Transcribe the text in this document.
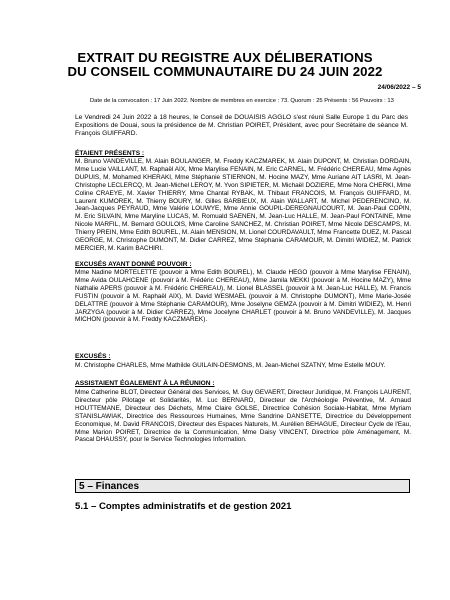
EXTRAIT DU REGISTRE AUX DÉLIBERATIONS
DU CONSEIL COMMUNAUTAIRE DU 24 JUIN 2022
24/06/2022 – 5
Date de la convocation : 17 Juin 2022. Nombre de membres en exercice : 73. Quorum : 25 Présents : 56 Pouvoirs : 13

Le Vendredi 24 Juin 2022 à 18 heures, le Conseil de DOUAISIS AGGLO s'est réuni Salle Europe 1 du Parc des Expositions de Douai, sous la présidence de M. Christian POIRET, Président, avec pour Secrétaire de séance M. François GUIFFARD.

ÉTAIENT PRÉSENTS :
M. Bruno VANDEVILLE, M. Alain BOULANGER, M. Freddy KACZMAREK, M. Alain DUPONT, M. Christian DORDAIN, Mme Lucie VAILLANT, M. Raphaël AIX, Mme Marylise FENAIN, M. Eric CARNEL, M. Frédéric CHEREAU, Mme Agnès DUPUIS, M. Mohamed KHERAKI, Mme Stéphanie STIERNON, M. Hocine MAZY, Mme Auriane AIT LASRI, M. Jean-Christophe LECLERCQ, M. Jean-Michel LEROY, M. Yvon SIPIETER, M. Michaël DOZIERE, Mme Nora CHERKI, Mme Coline CRAEYE, M. Xavier THIERRY, Mme Chantal RYBAK, M. Thibaut FRANCOIS, M. François GUIFFARD, M. Laurent KUMOREK, M. Thierry BOURY, M. Gilles BARBIEUX, M. Alain WALLART, M. Michel PEDERENCINO, M. Jean-Jacques PEYRAUD, Mme Valérie LOUWYE, Mme Annie GOUPIL-DEREGNAUCOURT, M. Jean-Paul COPIN, M. Eric SILVAIN, Mme Maryline LUCAS, M. Romuald SAENEN, M. Jean-Luc HALLE, M. Jean-Paul FONTAINE, Mme Nicole MARFIL, M. Bernard GOULOIS, Mme Caroline SANCHEZ, M. Christian POIRET, Mme Nicole DESCAMPS, M. Thierry PREIN, Mme Edith BOUREL, M. Alain MENSION, M. Lionel COURDAVAULT, Mme Francette DUEZ, M. Pascal GEORGE, M. Christophe DUMONT, M. Didier CARREZ, Mme Stéphanie CARAMOUR, M. Dimitri WIDIEZ, M. Patrick MERCIER, M. Karim BACHIRI.
EXCUSÉS AYANT DONNÉ POUVOIR :
Mme Nadine MORTELETTE (pouvoir à Mme Edith BOUREL), M. Claude HEGO (pouvoir à Mme Marylise FENAIN), Mme Avida OULAHCENE (pouvoir à M. Frédéric CHEREAU), Mme Jamila MEKKI (pouvoir à M. Hocine MAZY), Mme Nathalie APERS (pouvoir à M. Frédéric CHEREAU), M. Lionel BLASSEL (pouvoir à M. Jean-Luc HALLE), M. Francis FUSTIN (pouvoir à M. Raphaël AIX), M. David WESMAEL (pouvoir à M. Christophe DUMONT), Mme Marie-Josée DELATTRE (pouvoir à Mme Stéphanie CARAMOUR), Mme Joselyne GEMZA (pouvoir à M. Dimitri WIDIEZ), M. Henri JARZYGA (pouvoir à M. Didier CARREZ), Mme Jocelyne CHARLET (pouvoir à M. Bruno VANDEVILLE), M. Jacques MICHON (pouvoir à M. Freddy KACZMAREK).
EXCUSÉS :
M. Christophe CHARLES, Mme Mathilde GUILAIN-DESMONS, M. Jean-Michel SZATNY, Mme Estelle MOUY.
ASSISTAIENT ÉGALEMENT À LA RÉUNION :
Mme Catherine BLOT, Directeur Général des Services, M. Guy GEVAERT, Directeur Juridique, M. François LAURENT, Directeur pôle Pilotage et Solidarités, M. Luc BERNARD, Directeur de l'Archéologie Préventive, M. Arnaud HOUTTEMANE, Directeur des Déchets, Mme Claire GOLSE, Directrice Cohésion Sociale-Habitat, Mme Myriam STANISLAWIAK, Directrice des Ressources Humaines, Mme Sandrine DANSETTE, Directrice du Développement Economique, M. David FRANCOIS, Directeur des Espaces Naturels, M. Aurélien BEHAGUE, Directeur Cycle de l'Eau, Mme Marion POIRET, Directrice de la Communication, Mme Daisy VINCENT, Directrice pôle Aménagement, M. Pascal DHAUSSY, pour le Service Technologies Information.
5 – Finances
5.1 – Comptes administratifs et de gestion 2021
